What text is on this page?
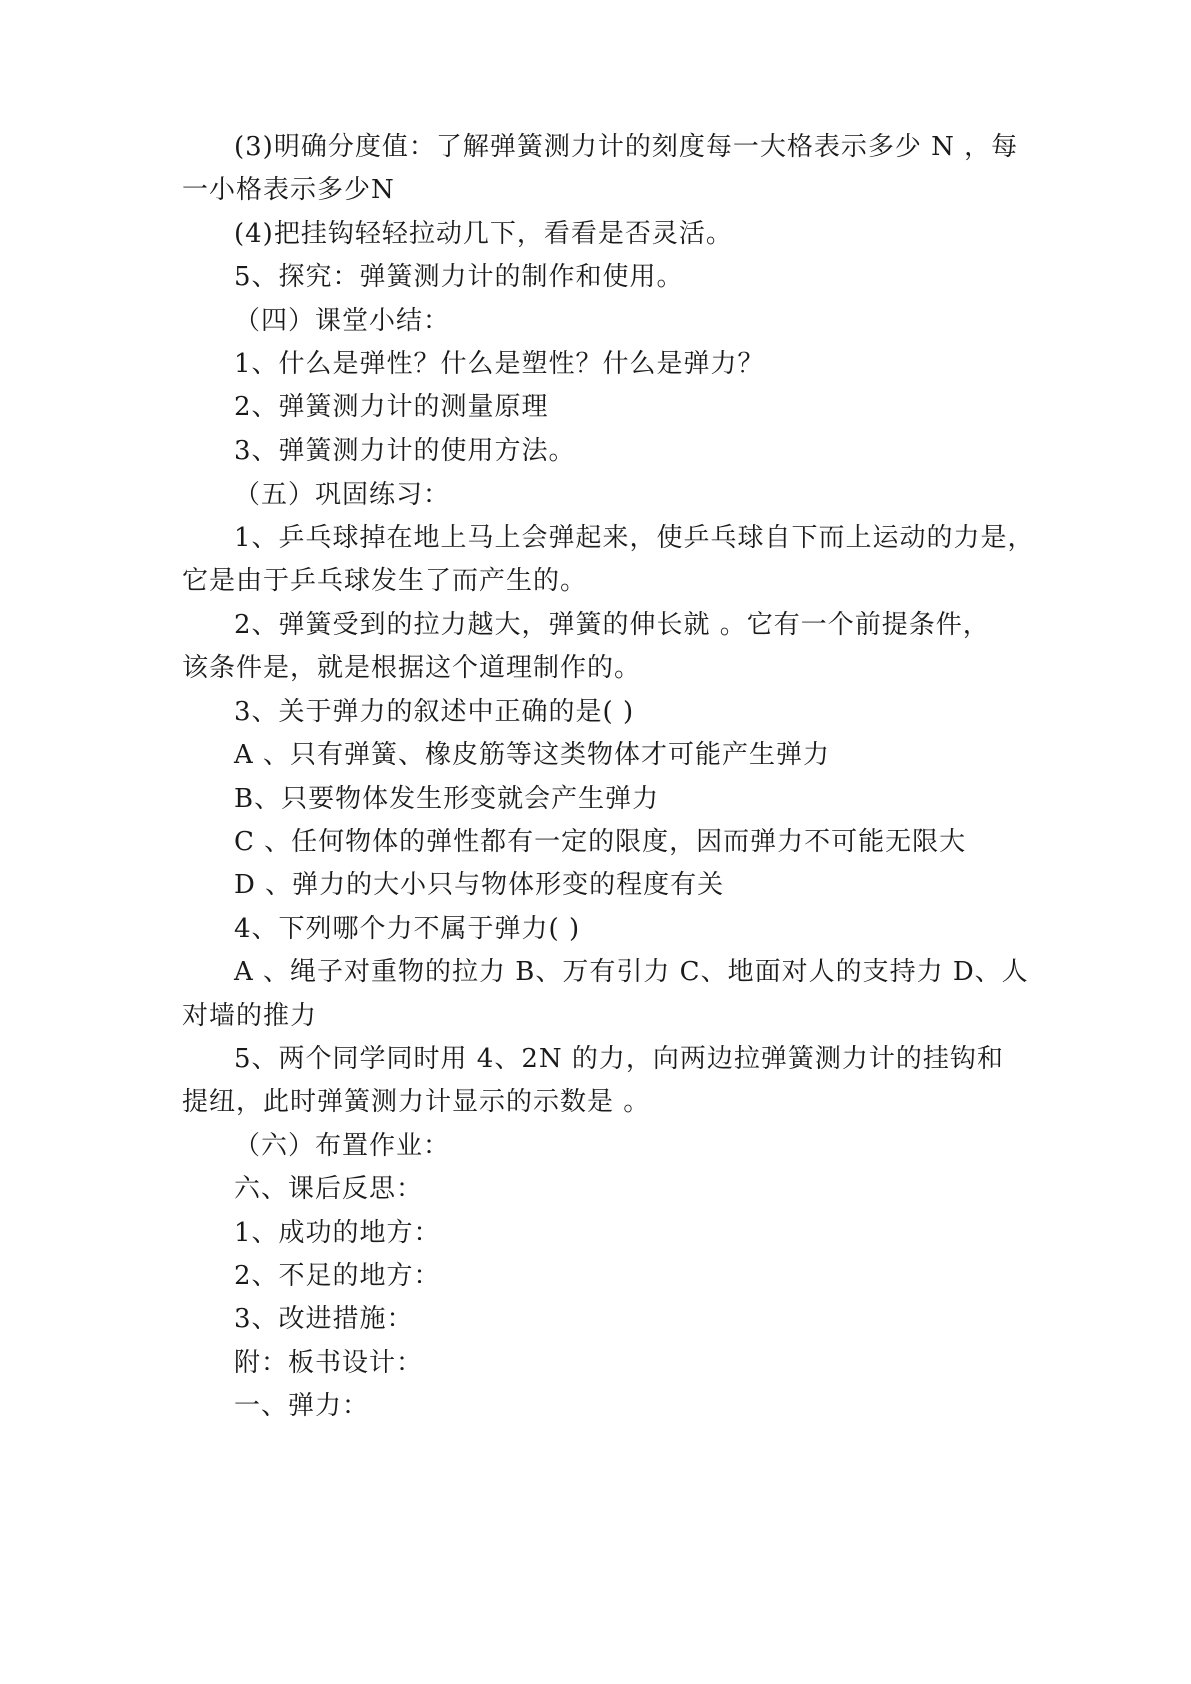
(3)明确分度值：了解弹簧测力计的刻度每一大格表示多少 N ，每
一小格表示多少N
(4)把挂钩轻轻拉动几下，看看是否灵活。
5、探究：弹簧测力计的制作和使用。
（四）课堂小结：
1、什么是弹性？什么是塑性？什么是弹力？
2、弹簧测力计的测量原理
3、弹簧测力计的使用方法。
（五）巩固练习：
1、乒乓球掉在地上马上会弹起来，使乒乓球自下而上运动的力是，
它是由于乒乓球发生了而产生的。
2、弹簧受到的拉力越大，弹簧的伸长就 。它有一个前提条件，
该条件是，就是根据这个道理制作的。
3、关于弹力的叙述中正确的是( )
A 、只有弹簧、橡皮筋等这类物体才可能产生弹力
B、只要物体发生形变就会产生弹力
C 、任何物体的弹性都有一定的限度，因而弹力不可能无限大
D 、弹力的大小只与物体形变的程度有关
4、下列哪个力不属于弹力( )
A 、绳子对重物的拉力 B、万有引力 C、地面对人的支持力 D、人
对墙的推力
5、两个同学同时用 4、2N 的力，向两边拉弹簧测力计的挂钩和
提纽，此时弹簧测力计显示的示数是 。
（六）布置作业：
六、课后反思：
1、成功的地方：
2、不足的地方：
3、改进措施：
附：板书设计：
一、弹力：
